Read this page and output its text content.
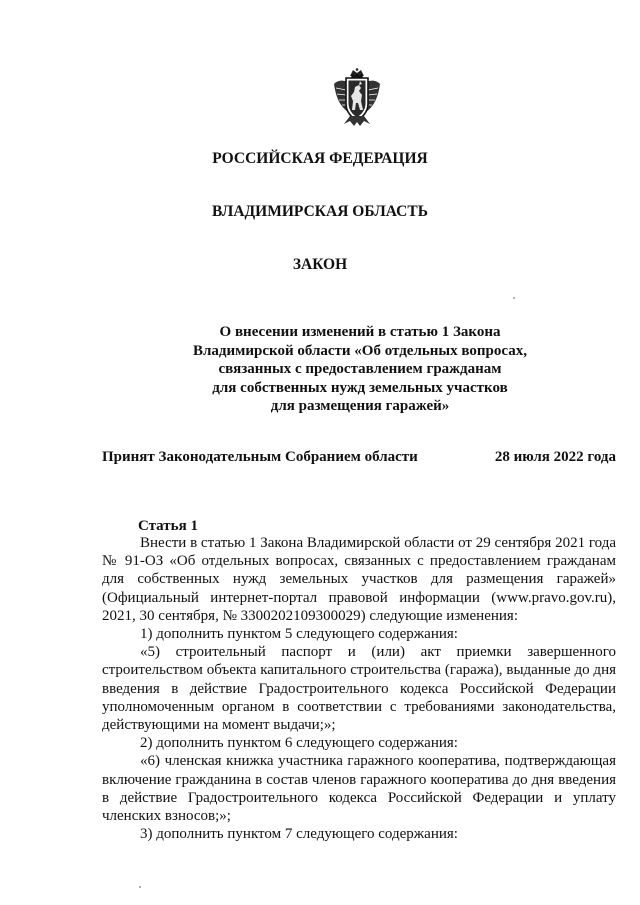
РОССИЙСКАЯ ФЕДЕРАЦИЯ
ВЛАДИМИРСКАЯ ОБЛАСТЬ
ЗАКОН
О внесении изменений в статью 1 Закона
Владимирской области «Об отдельных вопросах,
связанных с предоставлением гражданам
для собственных нужд земельных участков
для размещения гаражей»
Принят Законодательным Собранием области	28 июля 2022 года
Статья 1

Внести в статью 1 Закона Владимирской области от 29 сентября 2021 года № 91-ОЗ «Об отдельных вопросах, связанных с предоставлением гражданам для собственных нужд земельных участков для размещения гаражей» (Официальный интернет-портал правовой информации (www.pravo.gov.ru), 2021, 30 сентября, № 3300202109300029) следующие изменения:

1) дополнить пунктом 5 следующего содержания:

«5) строительный паспорт и (или) акт приемки завершенного строительством объекта капитального строительства (гаража), выданные до дня введения в действие Градостроительного кодекса Российской Федерации уполномоченным органом в соответствии с требованиями законодательства, действующими на момент выдачи;»;

2) дополнить пунктом 6 следующего содержания:

«6) членская книжка участника гаражного кооператива, подтверждающая включение гражданина в состав членов гаражного кооператива до дня введения в действие Градостроительного кодекса Российской Федерации и уплату членских взносов;»;

3) дополнить пунктом 7 следующего содержания:
